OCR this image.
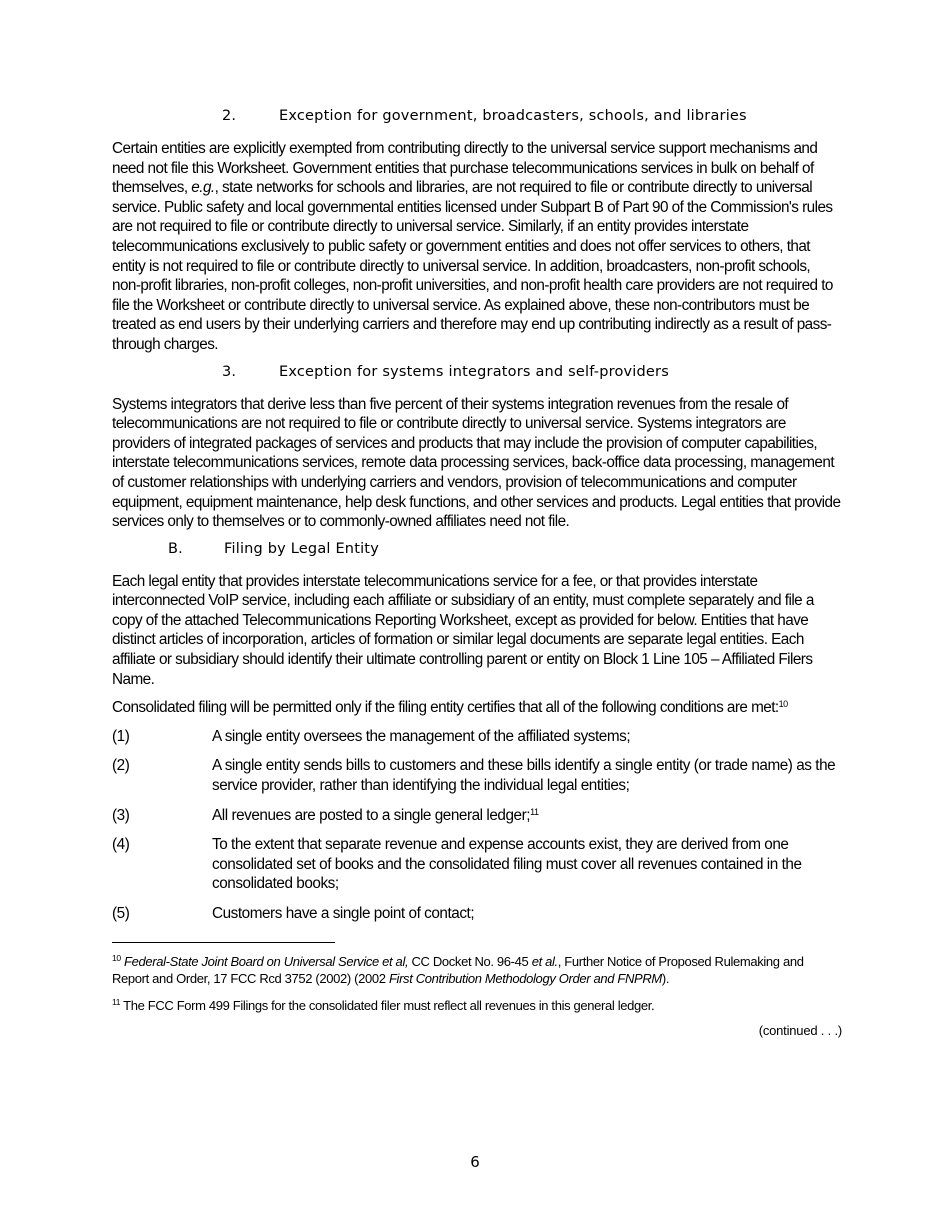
2.	Exception for government, broadcasters, schools, and libraries

Certain entities are explicitly exempted from contributing directly to the universal service support mechanisms and need not file this Worksheet. Government entities that purchase telecommunications services in bulk on behalf of themselves, e.g., state networks for schools and libraries, are not required to file or contribute directly to universal service. Public safety and local governmental entities licensed under Subpart B of Part 90 of the Commission's rules are not required to file or contribute directly to universal service. Similarly, if an entity provides interstate telecommunications exclusively to public safety or government entities and does not offer services to others, that entity is not required to file or contribute directly to universal service. In addition, broadcasters, non-profit schools, non-profit libraries, non-profit colleges, non-profit universities, and non-profit health care providers are not required to file the Worksheet or contribute directly to universal service. As explained above, these non-contributors must be treated as end users by their underlying carriers and therefore may end up contributing indirectly as a result of pass-through charges.

3.	Exception for systems integrators and self-providers

Systems integrators that derive less than five percent of their systems integration revenues from the resale of telecommunications are not required to file or contribute directly to universal service. Systems integrators are providers of integrated packages of services and products that may include the provision of computer capabilities, interstate telecommunications services, remote data processing services, back-office data processing, management of customer relationships with underlying carriers and vendors, provision of telecommunications and computer equipment, equipment maintenance, help desk functions, and other services and products. Legal entities that provide services only to themselves or to commonly-owned affiliates need not file.

B.	Filing by Legal Entity

Each legal entity that provides interstate telecommunications service for a fee, or that provides interstate interconnected VoIP service, including each affiliate or subsidiary of an entity, must complete separately and file a copy of the attached Telecommunications Reporting Worksheet, except as provided for below. Entities that have distinct articles of incorporation, articles of formation or similar legal documents are separate legal entities. Each affiliate or subsidiary should identify their ultimate controlling parent or entity on Block 1 Line 105 – Affiliated Filers Name.

Consolidated filing will be permitted only if the filing entity certifies that all of the following conditions are met:$^{10}$

(1)	A single entity oversees the management of the affiliated systems;
(2)	A single entity sends bills to customers and these bills identify a single entity (or trade name) as the service provider, rather than identifying the individual legal entities;
(3)	All revenues are posted to a single general ledger;$^{11}$
(4)	To the extent that separate revenue and expense accounts exist, they are derived from one consolidated set of books and the consolidated filing must cover all revenues contained in the consolidated books;
(5)	Customers have a single point of contact;

$^{10}$ Federal-State Joint Board on Universal Service et al, CC Docket No. 96-45 et al., Further Notice of Proposed Rulemaking and Report and Order, 17 FCC Rcd 3752 (2002) (2002 First Contribution Methodology Order and FNPRM).

$^{11}$ The FCC Form 499 Filings for the consolidated filer must reflect all revenues in this general ledger.

(continued . . .)
6
